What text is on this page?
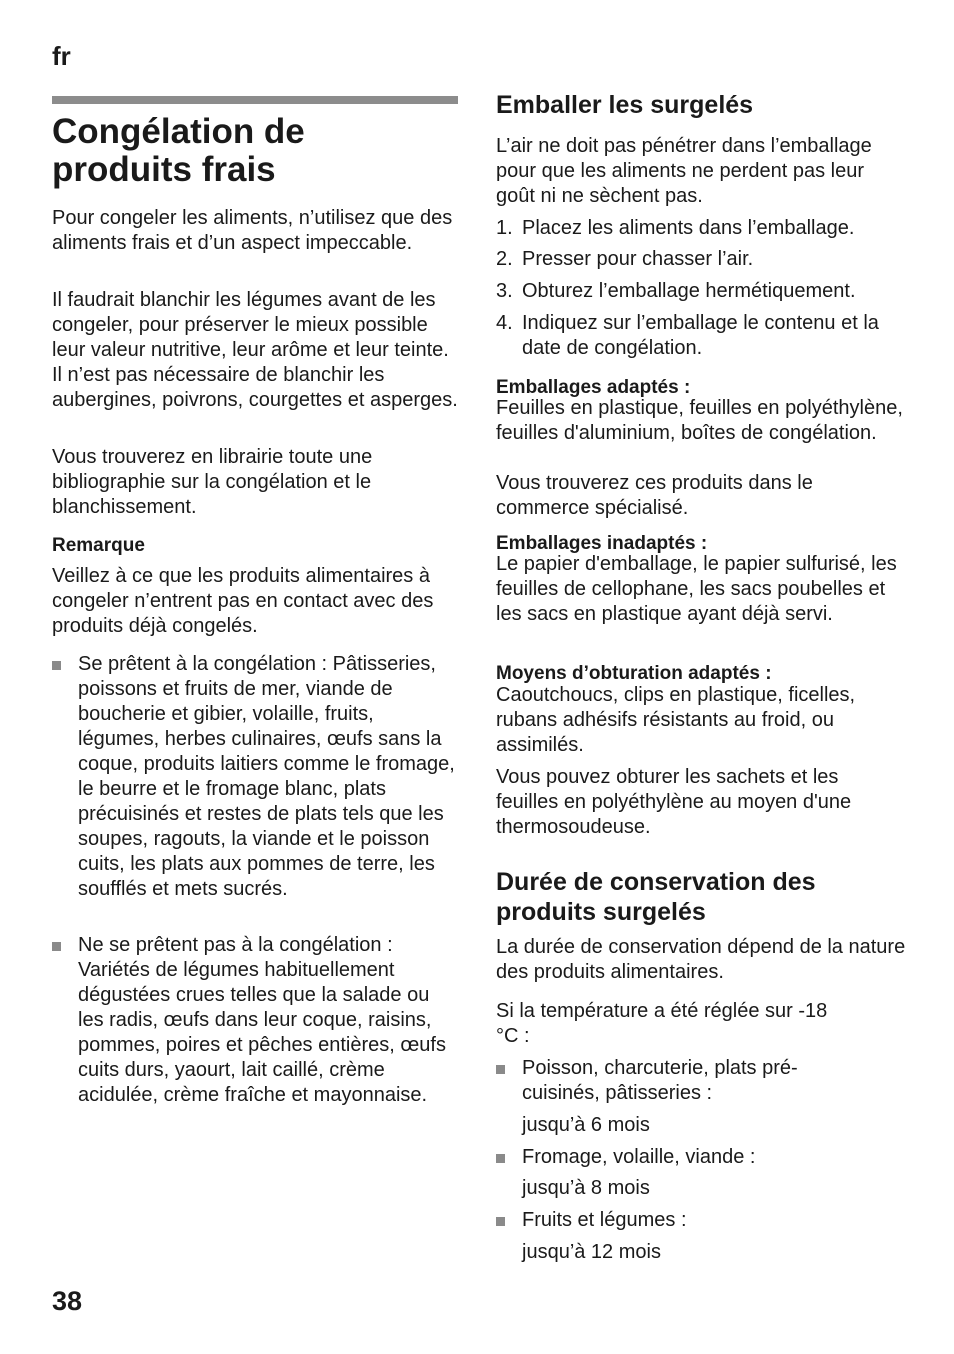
fr
Congélation de produits frais

Pour congeler les aliments, n’utilisez que des aliments frais et d’un aspect impeccable.

Il faudrait blanchir les légumes avant de les congeler, pour préserver le mieux possible leur valeur nutritive, leur arôme et leur teinte. Il n’est pas nécessaire de blanchir les aubergines, poivrons, courgettes et asperges.

Vous trouverez en librairie toute une bibliographie sur la congélation et le blanchissement.

Remarque

Veillez à ce que les produits alimentaires à congeler n’entrent pas en contact avec des produits déjà congelés.

Se prêtent à la congélation : Pâtisseries, poissons et fruits de mer, viande de boucherie et gibier, volaille, fruits, légumes, herbes culinaires, œufs sans la coque, produits laitiers comme le fromage, le beurre et le fromage blanc, plats précuisinés et restes de plats tels que les soupes, ragouts, la viande et le poisson cuits, les plats aux pommes de terre, les soufflés et mets sucrés.
Ne se prêtent pas à la congélation : Variétés de légumes habituellement dégustées crues telles que la salade ou les radis, œufs dans leur coque, raisins, pommes, poires et pêches entières, œufs cuits durs, yaourt, lait caillé, crème acidulée, crème fraîche et mayonnaise.
Emballer les surgelés

L’air ne doit pas pénétrer dans l’emballage pour que les aliments ne perdent pas leur goût ni ne sèchent pas.

1. Placez les aliments dans l’emballage.
2. Presser pour chasser l’air.
3. Obturez l’emballage hermétiquement.
4. Indiquez sur l’emballage le contenu et la date de congélation.
Emballages adaptés :

Feuilles en plastique, feuilles en polyéthylène, feuilles d'aluminium, boîtes de congélation.

Vous trouverez ces produits dans le commerce spécialisé.

Emballages inadaptés :

Le papier d'emballage, le papier sulfurisé, les feuilles de cellophane, les sacs poubelles et les sacs en plastique ayant déjà servi.

Moyens d’obturation adaptés :

Caoutchoucs, clips en plastique, ficelles, rubans adhésifs résistants au froid, ou assimilés.

Vous pouvez obturer les sachets et les feuilles en polyéthylène au moyen d'une thermosoudeuse.

Durée de conservation des produits surgelés

La durée de conservation dépend de la nature des produits alimentaires.

Si la température a été réglée sur -18 °C :

Poisson, charcuterie, plats pré-cuisinés, pâtisseries :
jusqu’à 6 mois
Fromage, volaille, viande :
jusqu’à 8 mois
Fruits et légumes :
jusqu’à 12 mois
38
